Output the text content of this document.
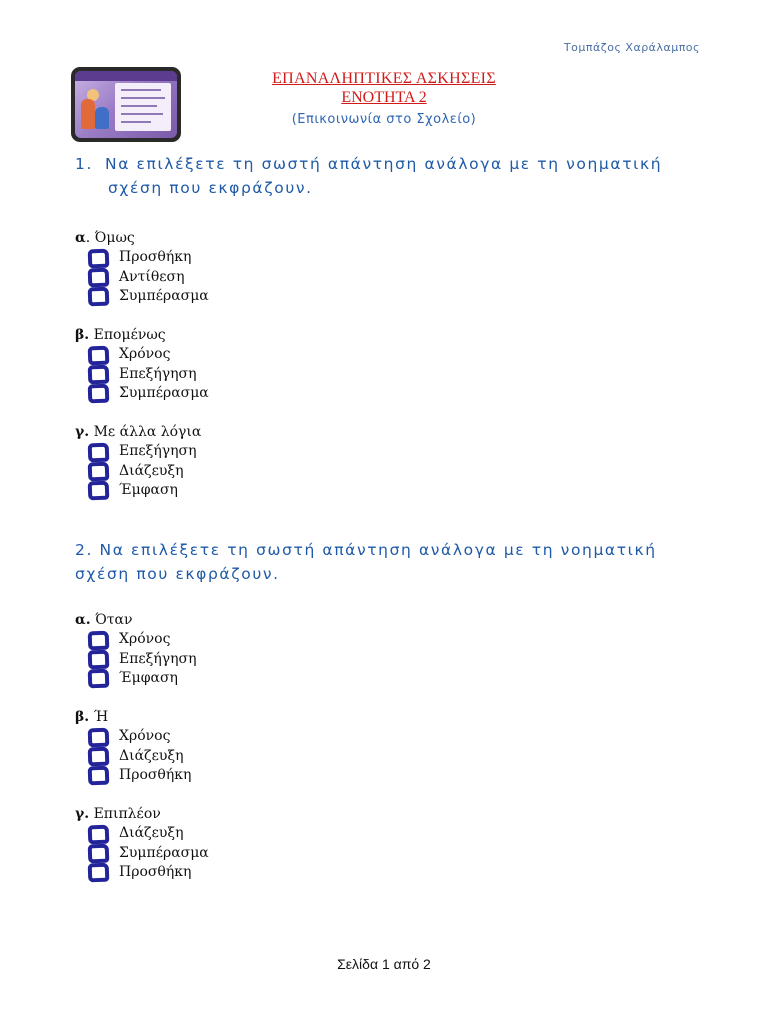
Τομπάζος Χαράλαμπος
ΕΠΑΝΑΛΗΠΤΙΚΕΣ ΑΣΚΗΣΕΙΣ
ΕΝΟΤΗΤΑ 2
(Επικοινωνία στο Σχολείο)
1. Να επιλέξετε τη σωστή απάντηση ανάλογα με τη νοηματική
σχέση που εκφράζουν.
2. Να επιλέξετε τη σωστή απάντηση ανάλογα με τη νοηματική
σχέση που εκφράζουν.
α. Όμως
Προσθήκη
Αντίθεση
Συμπέρασμα
β. Επομένως
Χρόνος
Επεξήγηση
Συμπέρασμα
γ. Με άλλα λόγια
Επεξήγηση
Διάζευξη
Έμφαση
α. Όταν
Χρόνος
Επεξήγηση
Έμφαση
β. Ή
Χρόνος
Διάζευξη
Προσθήκη
γ. Επιπλέον
Διάζευξη
Συμπέρασμα
Προσθήκη
Σελίδα 1 από 2
